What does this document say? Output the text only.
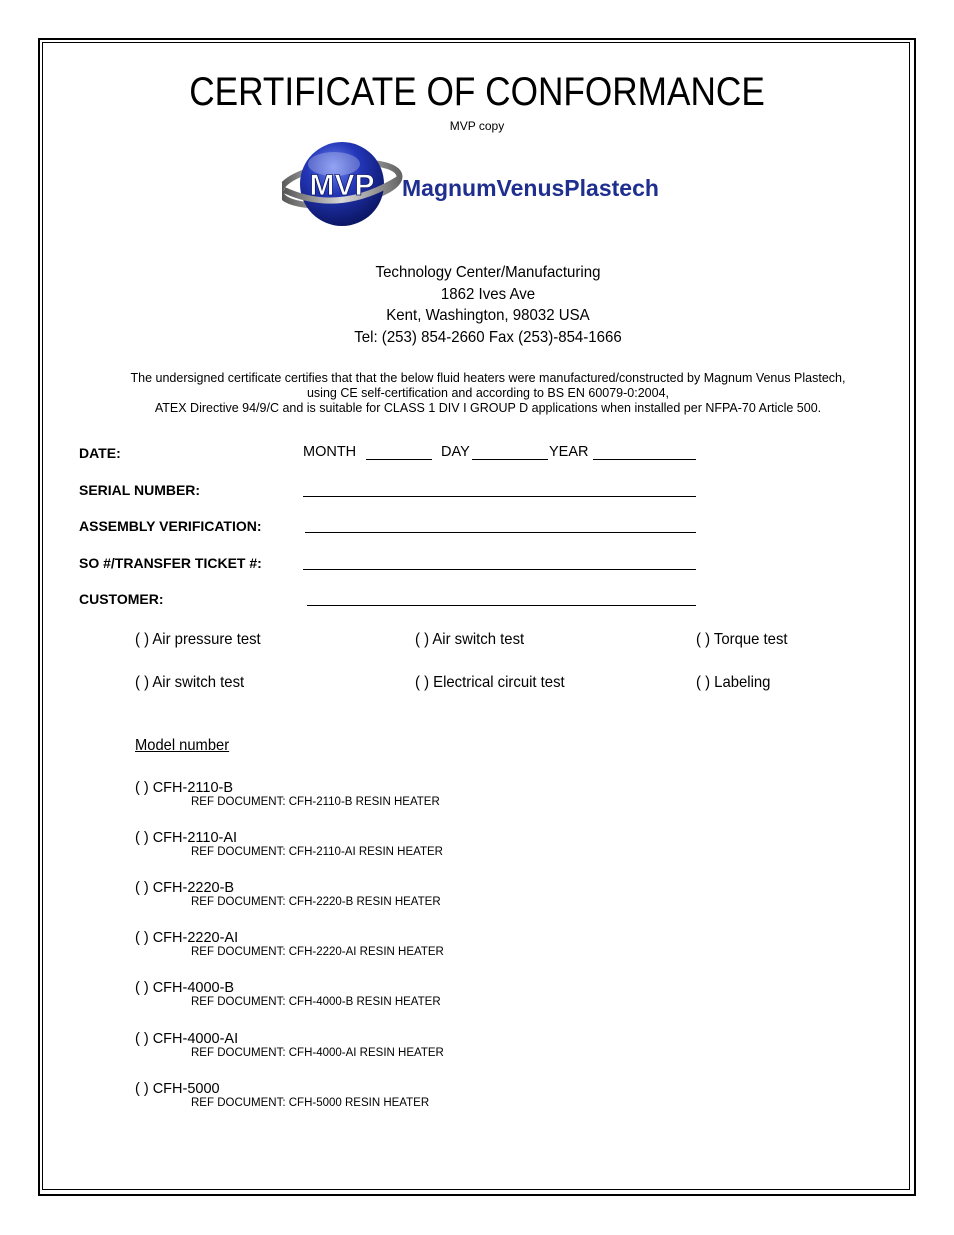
CERTIFICATE OF CONFORMANCE
MVP copy
MVP MagnumVenusPlastech
Technology Center/Manufacturing
1862 Ives Ave
Kent, Washington, 98032 USA
Tel: (253) 854-2660 Fax (253)-854-1666
The undersigned certificate certifies that that the below fluid heaters were manufactured/constructed by Magnum Venus Plastech,
using CE self-certification and according to BS EN 60079-0:2004,
ATEX Directive 94/9/C and is suitable for CLASS 1 DIV I GROUP D applications when installed per NFPA-70 Article 500.
DATE:	MONTH	DAY	YEAR
SERIAL NUMBER:
ASSEMBLY VERIFICATION:
SO #/TRANSFER TICKET #:
CUSTOMER:
( ) Air pressure test	( ) Air switch test	( ) Torque test
( ) Air switch test	( ) Electrical circuit test	( ) Labeling
Model number
( ) CFH-2110-B
REF DOCUMENT: CFH-2110-B RESIN HEATER
( ) CFH-2110-AI
REF DOCUMENT: CFH-2110-AI RESIN HEATER
( ) CFH-2220-B
REF DOCUMENT: CFH-2220-B RESIN HEATER
( ) CFH-2220-AI
REF DOCUMENT: CFH-2220-AI RESIN HEATER
( ) CFH-4000-B
REF DOCUMENT: CFH-4000-B RESIN HEATER
( ) CFH-4000-AI
REF DOCUMENT: CFH-4000-AI RESIN HEATER
( ) CFH-5000
REF DOCUMENT: CFH-5000 RESIN HEATER
